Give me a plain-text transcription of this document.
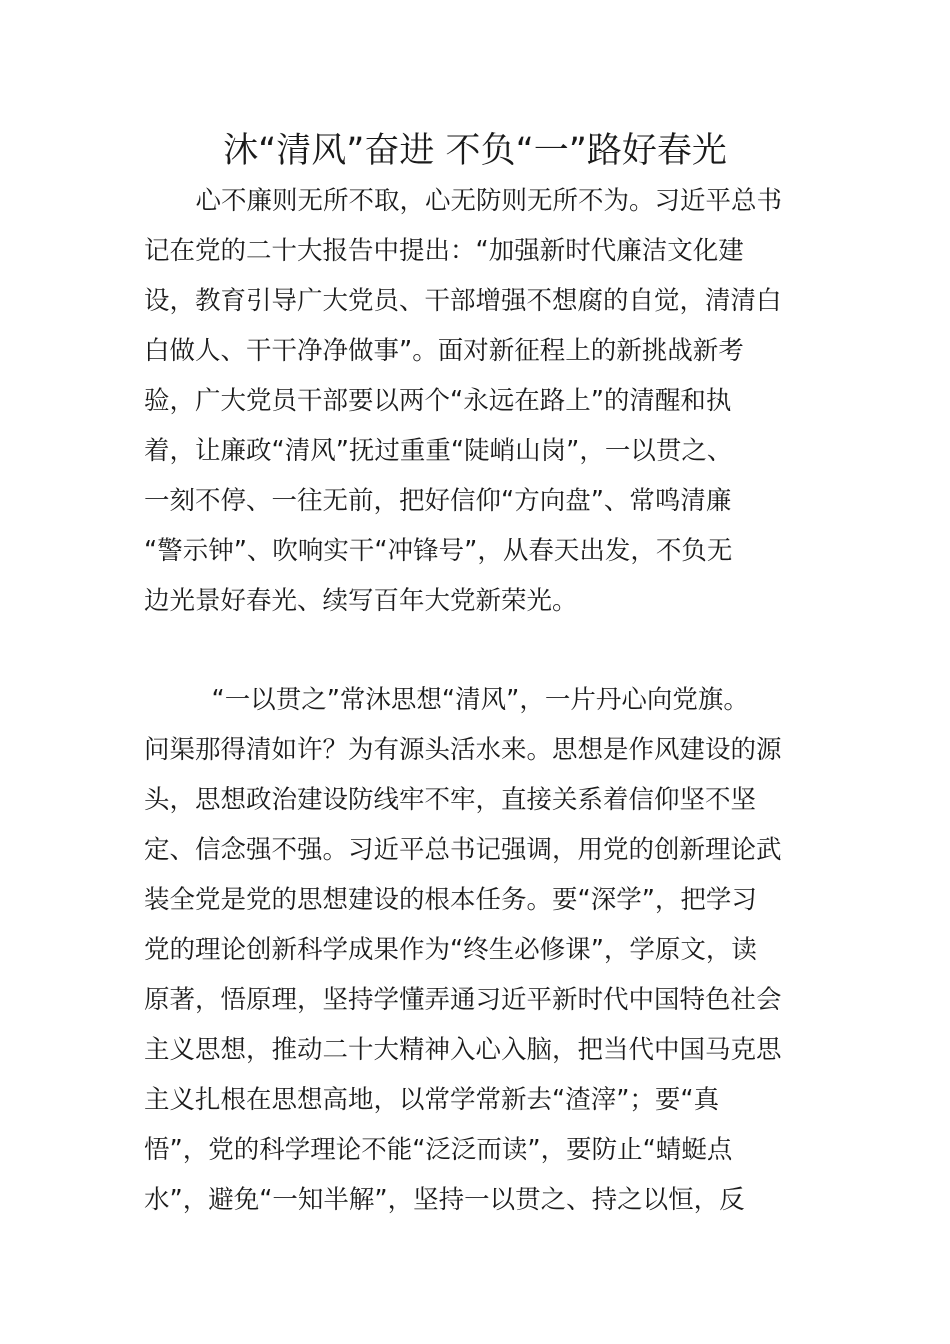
沐“清风”奋进 不负“一”路好春光
　心不廉则无所不取，心无防则无所不为。习近平总书
记在党的二十大报告中提出：“加强新时代廉洁文化建
设，教育引导广大党员、干部增强不想腐的自觉，清清白
白做人、干干净净做事”。面对新征程上的新挑战新考
验，广大党员干部要以两个“永远在路上”的清醒和执
着，让廉政“清风”抚过重重“陡峭山岗”，一以贯之、
一刻不停、一往无前，把好信仰“方向盘”、常鸣清廉
“警示钟”、吹响实干“冲锋号”，从春天出发，不负无
边光景好春光、续写百年大党新荣光。
　“一以贯之”常沐思想“清风”，一片丹心向党旗。
问渠那得清如许？为有源头活水来。思想是作风建设的源
头，思想政治建设防线牢不牢，直接关系着信仰坚不坚
定、信念强不强。习近平总书记强调，用党的创新理论武
装全党是党的思想建设的根本任务。要“深学”，把学习
党的理论创新科学成果作为“终生必修课”，学原文，读
原著，悟原理，坚持学懂弄通习近平新时代中国特色社会
主义思想，推动二十大精神入心入脑，把当代中国马克思
主义扎根在思想高地，以常学常新去“渣滓”；要“真
悟”，党的科学理论不能“泛泛而读”，要防止“蜻蜓点
水”，避免“一知半解”，坚持一以贯之、持之以恒，反
